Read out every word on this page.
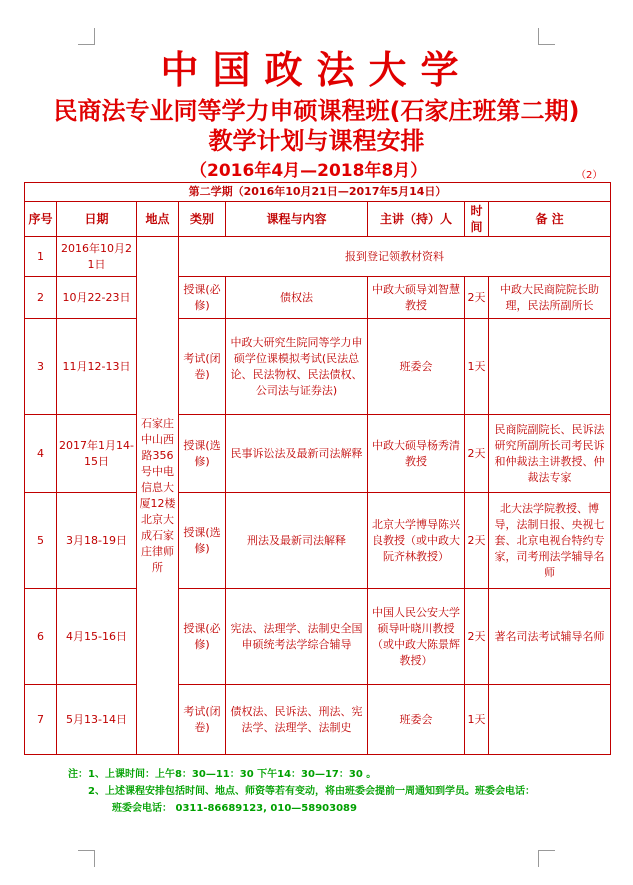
中国政法大学
民商法专业同等学力申硕课程班(石家庄班第二期)
教学计划与课程安排
（2016年4月—2018年8月）	（2）
第二学期（2016年10月21日—2017年5月14日）							
序号	日期	地点	类别	课程与内容	主讲（持）人	时间	备 注
1	2016年10月21日	石家庄中山西路356号中电信息大厦12楼北京大成石家庄律师所	报到登记领教材资料				
2	10月22-23日		授课(必修)	债权法	中政大硕导刘智慧教授	2天	中政大民商院院长助理，民法所副所长
3	11月12-13日		考试(闭卷)	中政大研究生院同等学力申硕学位课模拟考试(民法总论、民法物权、民法债权、公司法与证券法)	班委会	1天	
4	2017年1月14-15日		授课(选修)	民事诉讼法及最新司法解释	中政大硕导杨秀清教授	2天	民商院副院长、民诉法研究所副所长司考民诉和仲裁法主讲教授、仲裁法专家
5	3月18-19日		授课(选修)	刑法及最新司法解释	北京大学博导陈兴良教授（或中政大阮齐林教授）	2天	北大法学院教授、博导，法制日报、央视七套、北京电视台特约专家，司考刑法学辅导名师
6	4月15-16日		授课(必修)	宪法、法理学、法制史全国申硕统考法学综合辅导	中国人民公安大学硕导叶晓川教授（或中政大陈景辉教授）	2天	著名司法考试辅导名师
7	5月13-14日		考试(闭卷)	债权法、民诉法、刑法、宪法学、法理学、法制史	班委会	1天	
注：1、上课时间：上午8：30—11：30 下午14：30—17：30 。
2、上述课程安排包括时间、地点、师资等若有变动，将由班委会提前一周通知到学员。班委会电话：
班委会电话： 0311-86689123, 010—58903089
